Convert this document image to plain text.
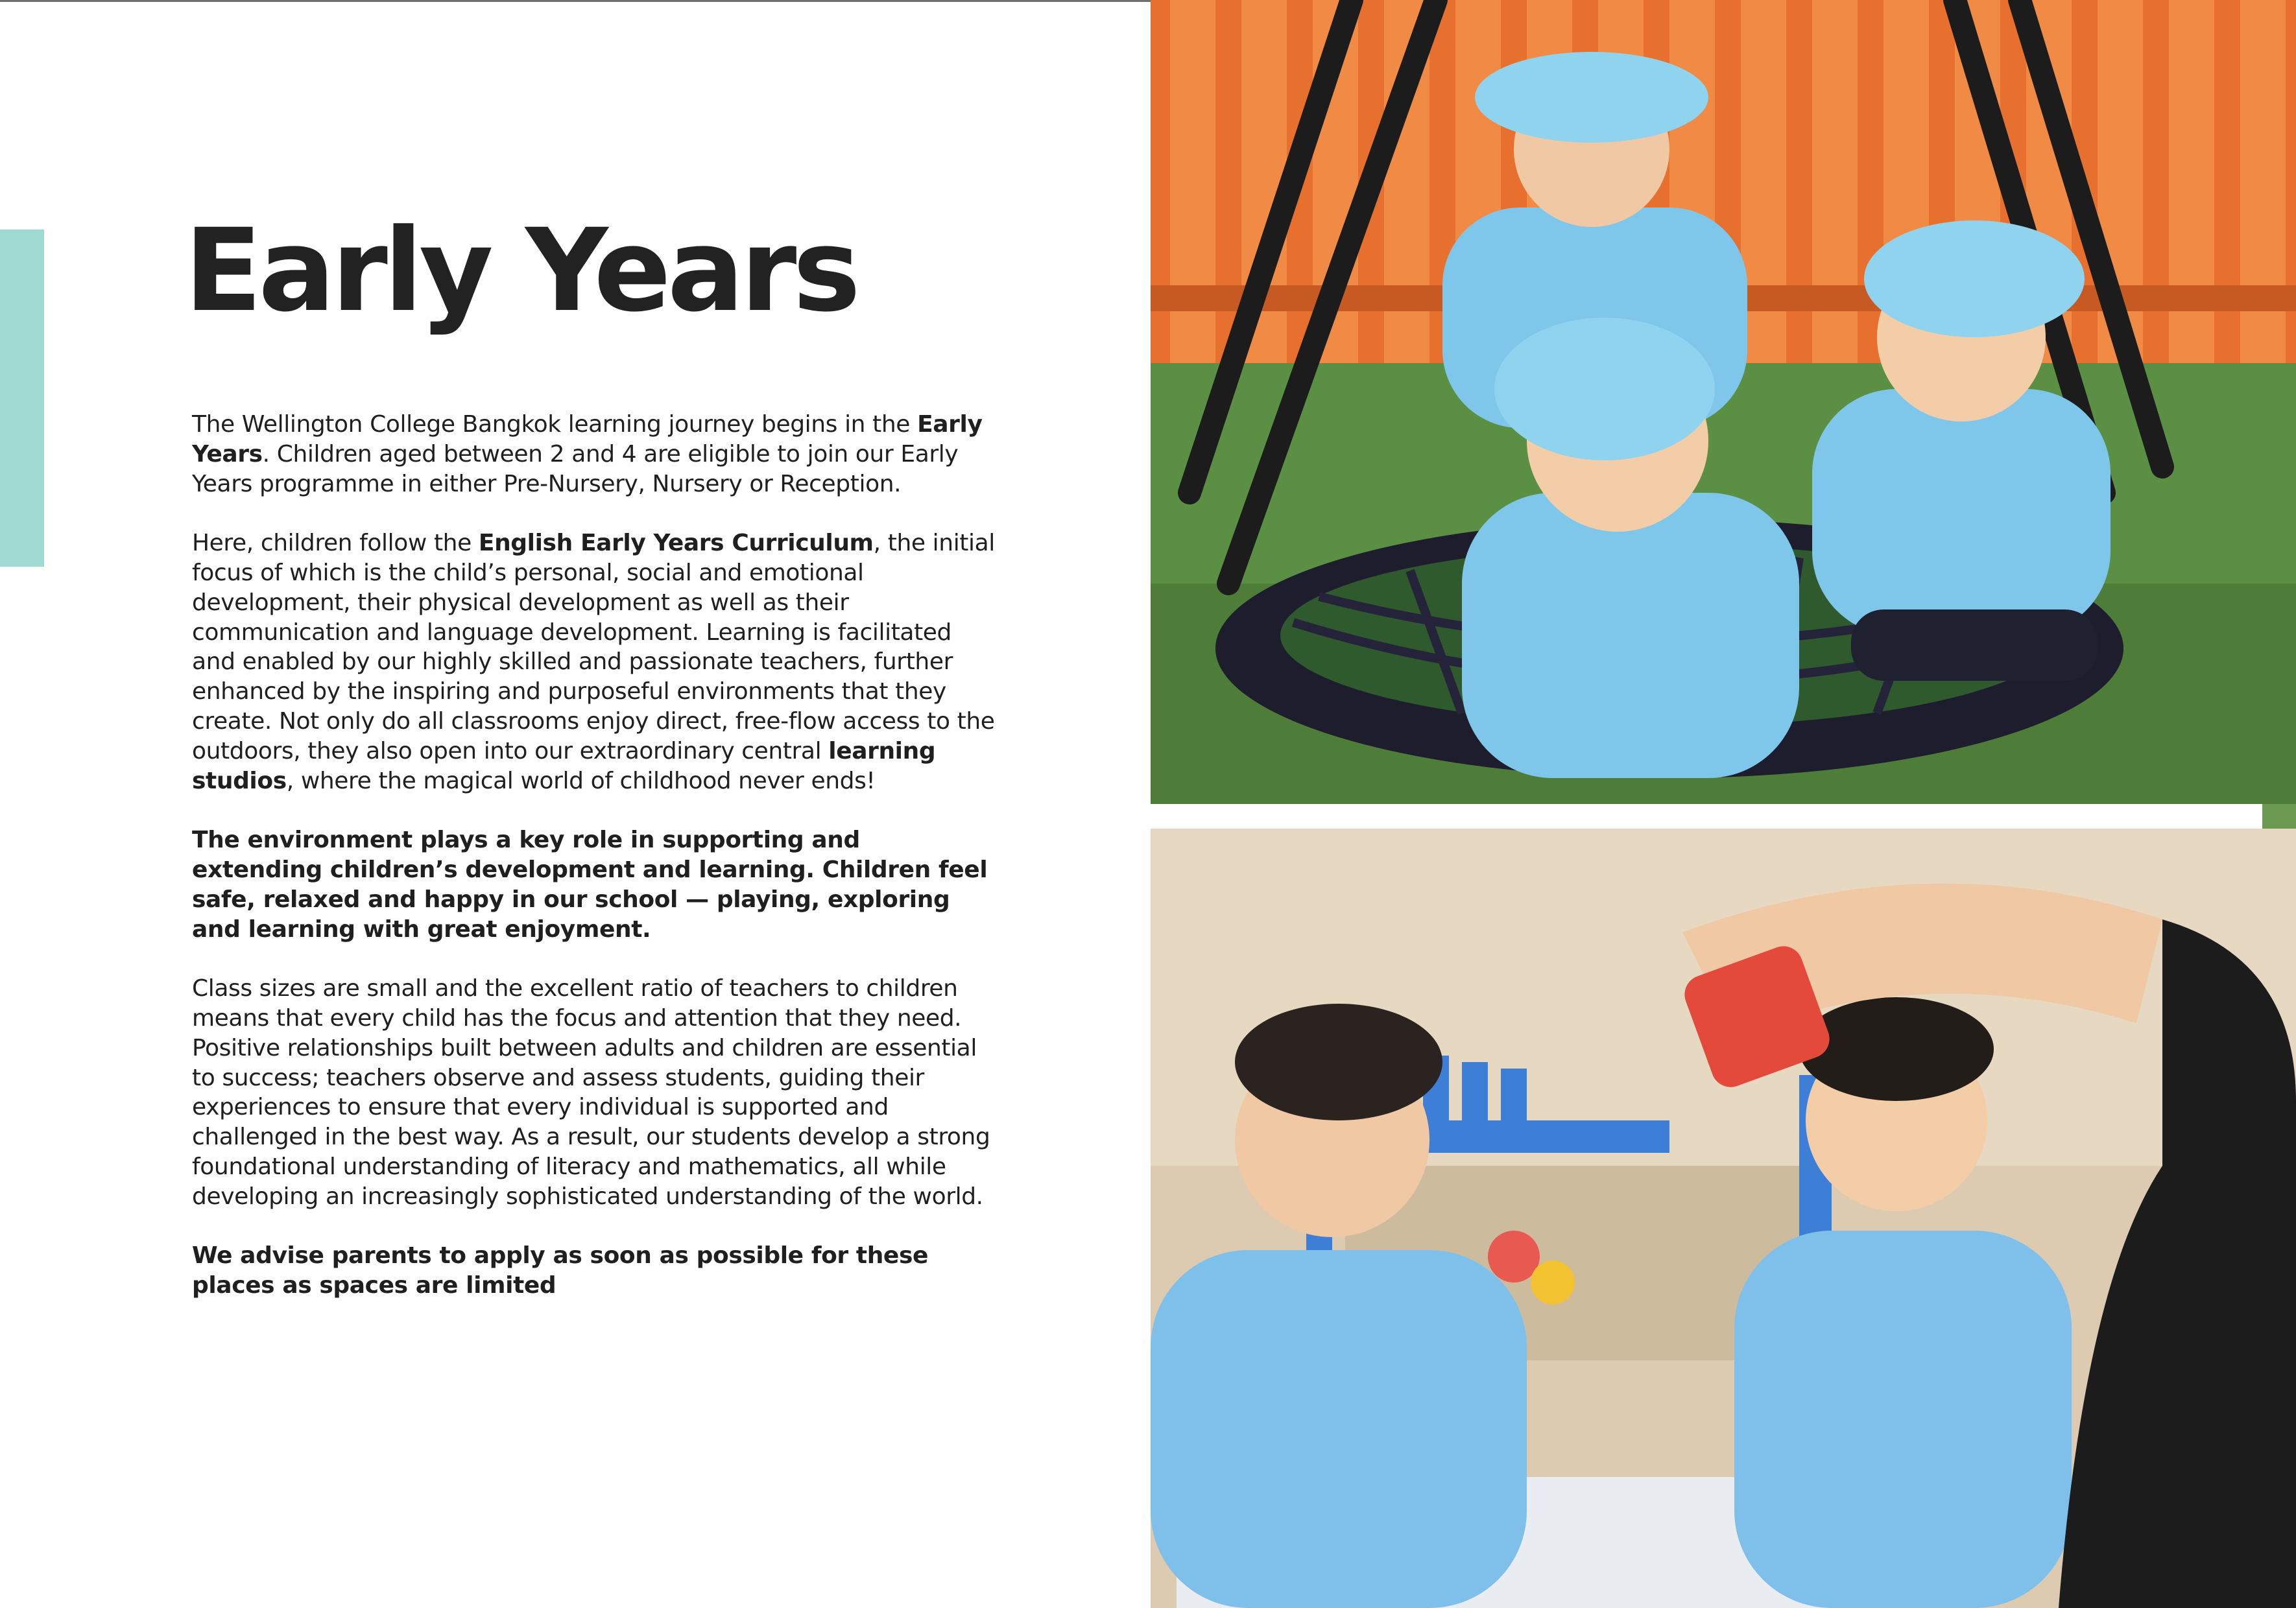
Early Years

The Wellington College Bangkok learning journey begins in the Early Years. Children aged between 2 and 4 are eligible to join our Early Years programme in either Pre-Nursery, Nursery or Reception.

Here, children follow the English Early Years Curriculum, the initial focus of which is the child’s personal, social and emotional development, their physical development as well as their communication and language development. Learning is facilitated and enabled by our highly skilled and passionate teachers, further enhanced by the inspiring and purposeful environments that they create. Not only do all classrooms enjoy direct, free-flow access to the outdoors, they also open into our extraordinary central learning studios, where the magical world of childhood never ends!

The environment plays a key role in supporting and extending children’s development and learning. Children feel safe, relaxed and happy in our school — playing, exploring and learning with great enjoyment.

Class sizes are small and the excellent ratio of teachers to children means that every child has the focus and attention that they need. Positive relationships built between adults and children are essential to success; teachers observe and assess students, guiding their experiences to ensure that every individual is supported and challenged in the best way. As a result, our students develop a strong foundational understanding of literacy and mathematics, all while developing an increasingly sophisticated understanding of the world.

We advise parents to apply as soon as possible for these places as spaces are limited
